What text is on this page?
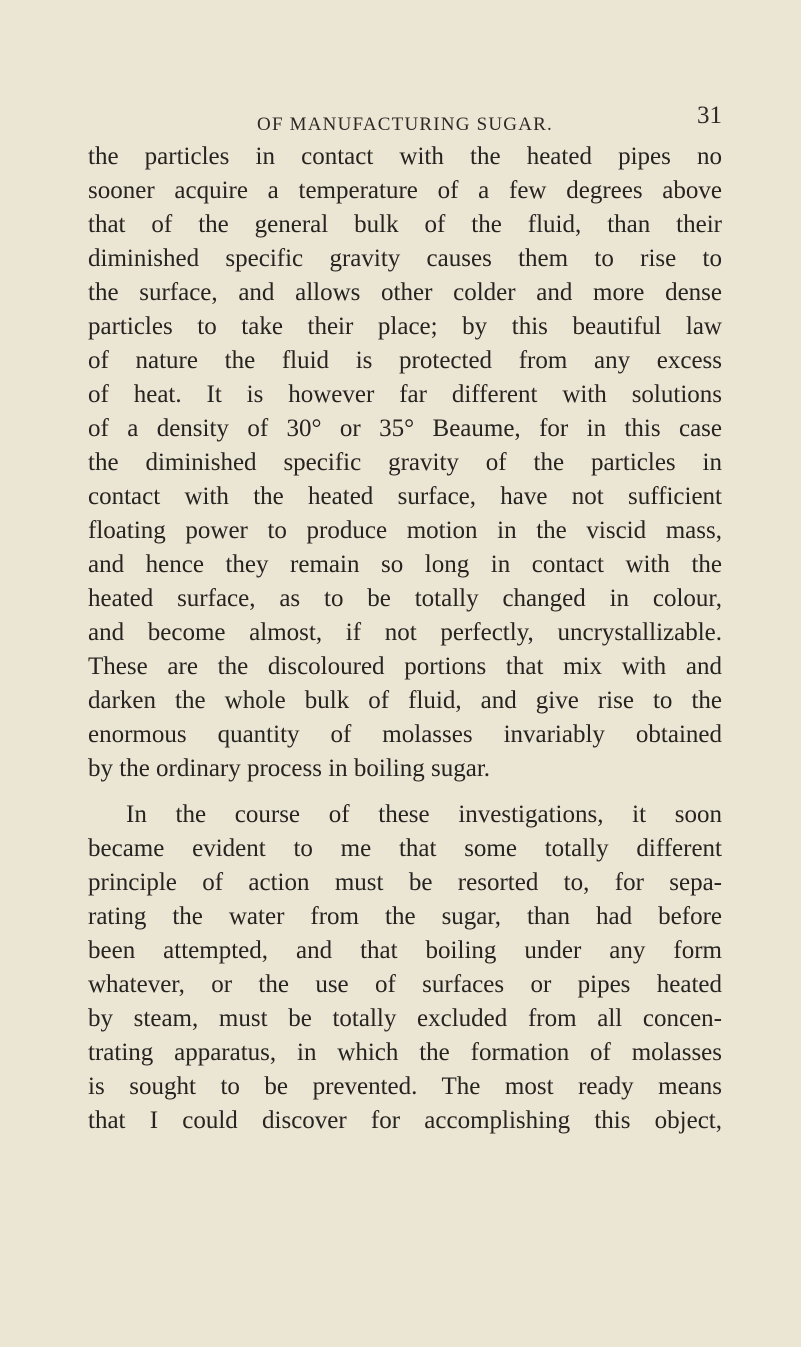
OF MANUFACTURING SUGAR.	31
the particles in contact with the heated pipes no
sooner acquire a temperature of a few degrees above
that of the general bulk of the fluid, than their
diminished specific gravity causes them to rise to
the surface, and allows other colder and more dense
particles to take their place; by this beautiful law
of nature the fluid is protected from any excess
of heat. It is however far different with solutions
of a density of 30° or 35° Beaume, for in this case
the diminished specific gravity of the particles in
contact with the heated surface, have not sufficient
floating power to produce motion in the viscid mass,
and hence they remain so long in contact with the
heated surface, as to be totally changed in colour,
and become almost, if not perfectly, uncrystallizable.
These are the discoloured portions that mix with and
darken the whole bulk of fluid, and give rise to the
enormous quantity of molasses invariably obtained
by the ordinary process in boiling sugar.
In the course of these investigations, it soon
became evident to me that some totally different
principle of action must be resorted to, for sepa-
rating the water from the sugar, than had before
been attempted, and that boiling under any form
whatever, or the use of surfaces or pipes heated
by steam, must be totally excluded from all concen-
trating apparatus, in which the formation of molasses
is sought to be prevented. The most ready means
that I could discover for accomplishing this object,
